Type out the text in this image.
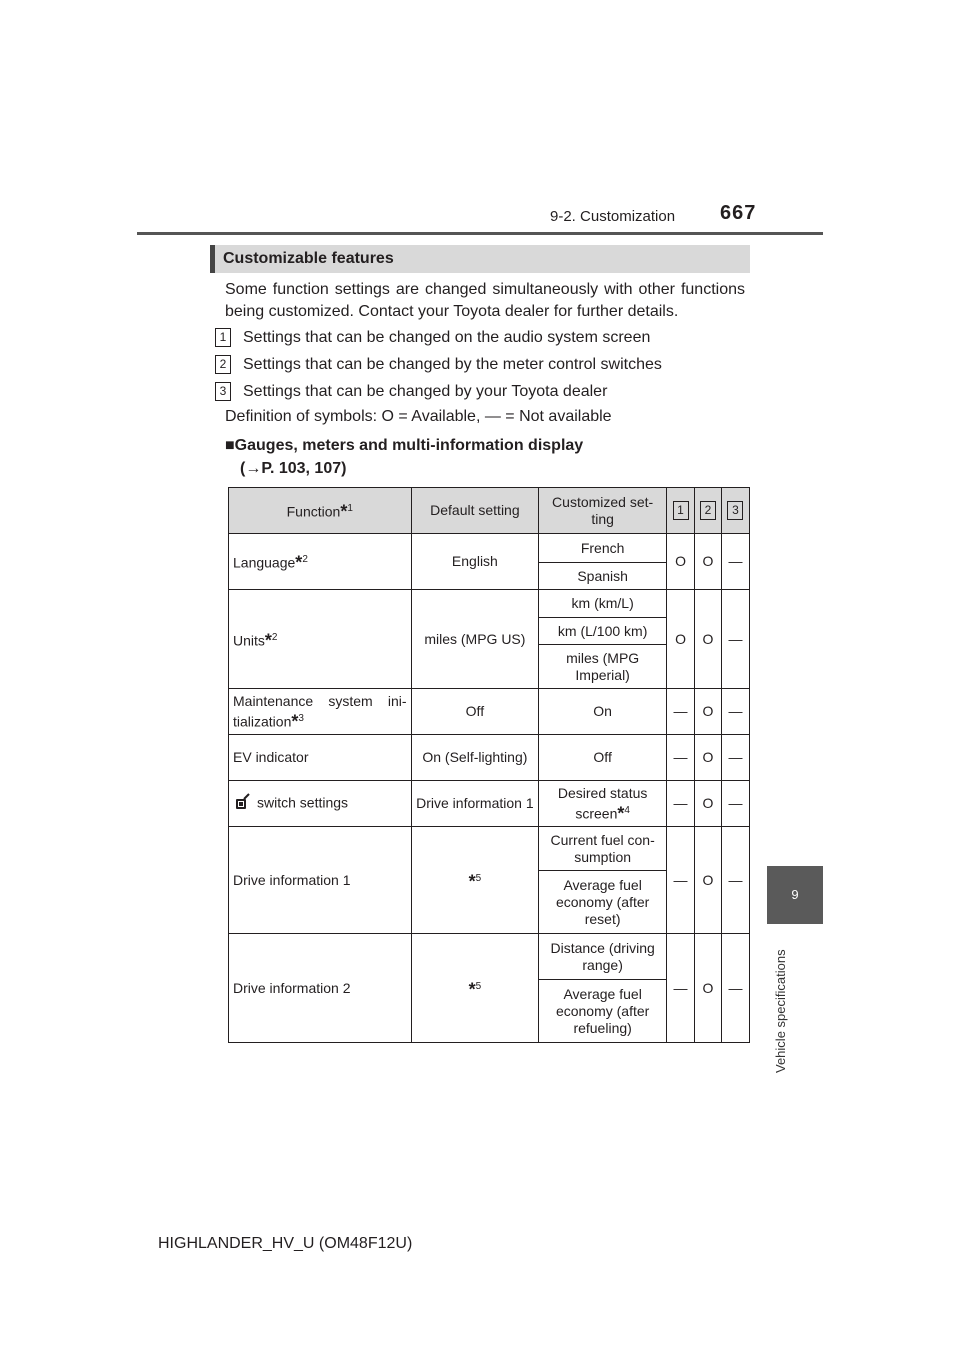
9-2. Customization 667
9
Vehicle specifications
Customizable features
Some function settings are changed simultaneously with other functions being customized. Contact your Toyota dealer for further details.
1 Settings that can be changed on the audio system screen
2 Settings that can be changed by the meter control switches
3 Settings that can be changed by your Toyota dealer
Definition of symbols: O = Available, — = Not available
■Gauges, meters and multi-information display
(→P. 103, 107)
Function*$^1$	Default setting	Customized set-ting	1	2	3
Language*$^2$	English	French	O	O	—
		Spanish			
Units*$^2$	miles (MPG US)	km (km/L)	O	O	—
		km (L/100 km)			
		miles (MPG Imperial)			
Maintenance system ini-tialization*$^3$	Off	On	—	O	—
EV indicator	On (Self-lighting)	Off	—	O	—
switch settings	Drive information 1	Desired status screen*$^4$	—	O	—
Drive information 1	*$^5$	Current fuel con-sumption	—	O	—
		Average fuel economy (after reset)			
Drive information 2	*$^5$	Distance (driving range)	—	O	—
		Average fuel economy (after refueling)			
HIGHLANDER_HV_U (OM48F12U)
